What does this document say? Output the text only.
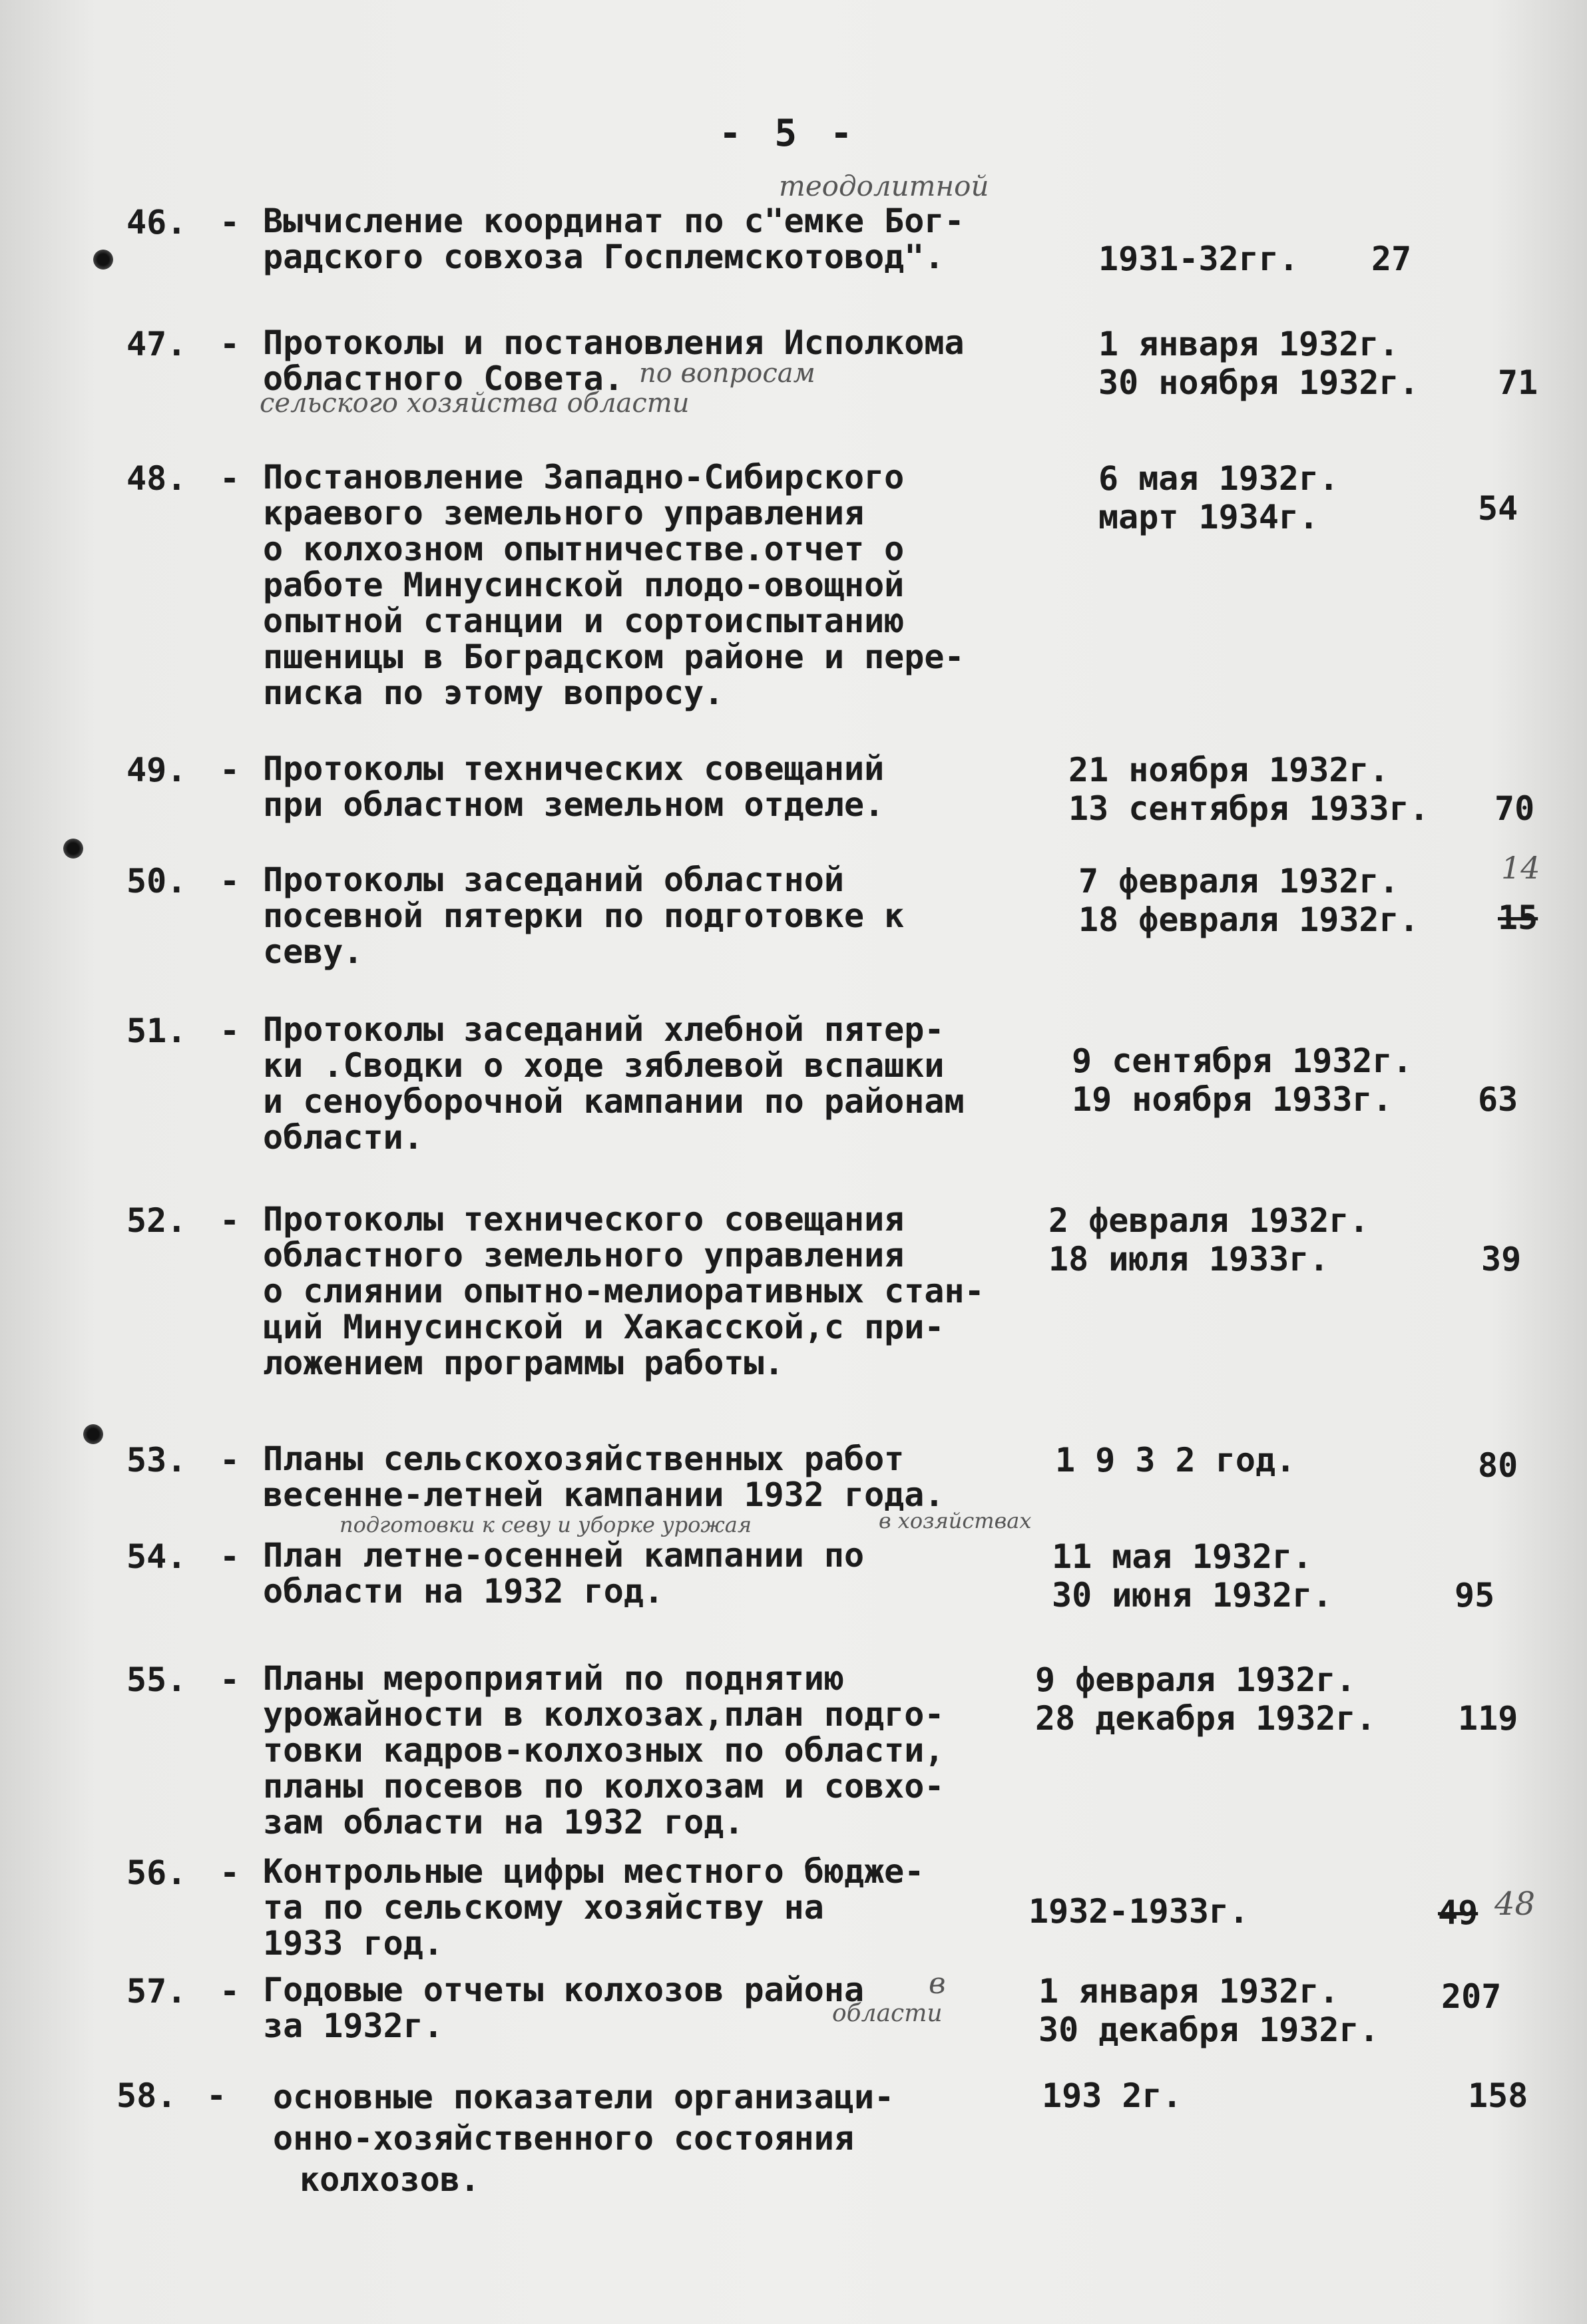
- 5 -
46. - Вычисление координат по с"емке Бог-
радского совхоза Госплемскотовод".	1931-32гг.	27
теодолитной
47. - Протоколы и постановления Исполкома
областного Совета.
1 января 1932г.
30 ноября 1932г.	71
по вопросам
сельского хозяйства области
48. - Постановление Западно-Сибирского
краевого земельного управления
о колхозном опытничестве.отчет о
работе Минусинской плодо-овощной
опытной станции и сортоиспытанию
пшеницы в Боградском районе и пере-
писка по этому вопросу.
6 мая 1932г.
март 1934г.	54
49. - Протоколы технических совещаний
при областном земельном отделе.
21 ноября 1932г.
13 сентября 1933г.	70
50. - Протоколы заседаний областной
посевной пятерки по подготовке к
севу.
7 февраля 1932г.
18 февраля 1932г.	15
14
51. - Протоколы заседаний хлебной пятер-
ки .Сводки о ходе зяблевой вспашки
и сеноуборочной кампании по районам
области.
9 сентября 1932г.
19 ноября 1933г.	63
52. - Протоколы технического совещания
областного земельного управления
о слиянии опытно-мелиоративных стан-
ций Минусинской и Хакасской,с при-
ложением программы работы.
2 февраля 1932г.
18 июля 1933г.	39
53. - Планы сельскохозяйственных работ
весенне-летней кампании 1932 года.
1 9 3 2 год.	80
54. - План летне-осенней кампании по
области на 1932 год.
11 мая 1932г.
30 июня 1932г.	95
подготовки к севу и уборке урожая	в хозяйствах
55. - Планы мероприятий по поднятию
урожайности в колхозах,план подго-
товки кадров-колхозных по области,
планы посевов по колхозам и совхо-
зам области на 1932 год.
9 февраля 1932г.
28 декабря 1932г.	119
56. - Контрольные цифры местного бюдже-
та по сельскому хозяйству на
1933 год.
1932-1933г.	49 48
57. - Годовые отчеты колхозов района
за 1932г.
1 января 1932г.
30 декабря 1932г.
207
в
области
58. - основные показатели организаци-
онно-хозяйственного состояния
колхозов.
193 2г.	158
